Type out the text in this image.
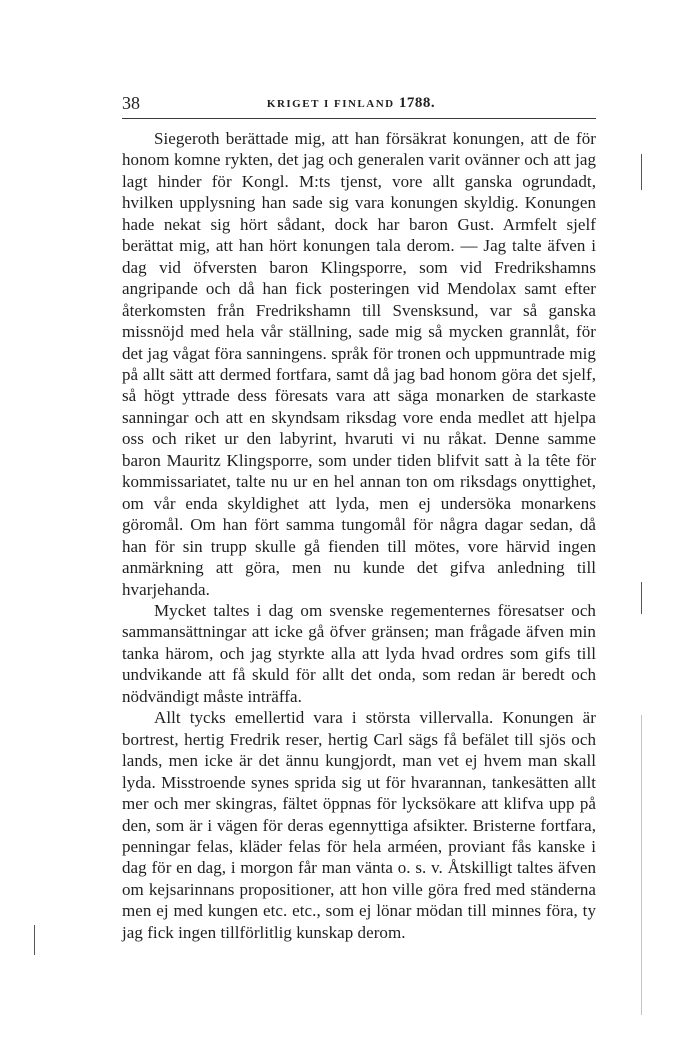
38	KRIGET I FINLAND 1788.

Siegeroth berättade mig, att han försäkrat konungen, att de för honom komne rykten, det jag och generalen varit ovänner och att jag lagt hinder för Kongl. M:ts tjenst, vore allt ganska ogrundadt, hvilken upplysning han sade sig vara konungen skyldig. Konungen hade nekat sig hört sådant, dock har baron Gust. Armfelt sjelf berättat mig, att han hört konungen tala derom. — Jag talte äfven i dag vid öfversten baron Klingsporre, som vid Fredrikshamns angripande och då han fick posteringen vid Mendolax samt efter återkomsten från Fredrikshamn till Svensksund, var så ganska missnöjd med hela vår ställning, sade mig så mycken grannlåt, för det jag vågat föra sanningens. språk för tronen och uppmuntrade mig på allt sätt att dermed fortfara, samt då jag bad honom göra det sjelf, så högt yttrade dess föresats vara att säga monarken de starkaste sanningar och att en skyndsam riksdag vore enda medlet att hjelpa oss och riket ur den labyrint, hvaruti vi nu råkat. Denne samme baron Mauritz Klingsporre, som under tiden blifvit satt à la tête för kommissariatet, talte nu ur en hel annan ton om riksdags onyttighet, om vår enda skyldighet att lyda, men ej undersöka monarkens göromål. Om han fört samma tungomål för några dagar sedan, då han för sin trupp skulle gå fienden till mötes, vore härvid ingen anmärkning att göra, men nu kunde det gifva anledning till hvarjehanda.

Mycket taltes i dag om svenske regementernes föresatser och sammansättningar att icke gå öfver gränsen; man frågade äfven min tanka härom, och jag styrkte alla att lyda hvad ordres som gifs till undvikande att få skuld för allt det onda, som redan är beredt och nödvändigt måste inträffa.

Allt tycks emellertid vara i största villervalla. Konungen är bortrest, hertig Fredrik reser, hertig Carl sägs få befälet till sjös och lands, men icke är det ännu kungjordt, man vet ej hvem man skall lyda. Misstroende synes sprida sig ut för hvarannan, tankesätten allt mer och mer skingras, fältet öppnas för lycksökare att klifva upp på den, som är i vägen för deras egennyttiga afsikter. Bristerne fortfara, penningar felas, kläder felas för hela arméen, proviant fås kanske i dag för en dag, i morgon får man vänta o. s. v. Åtskilligt taltes äfven om kejsarinnans propositioner, att hon ville göra fred med ständerna men ej med kungen etc. etc., som ej lönar mödan till minnes föra, ty jag fick ingen tillförlitlig kunskap derom.
